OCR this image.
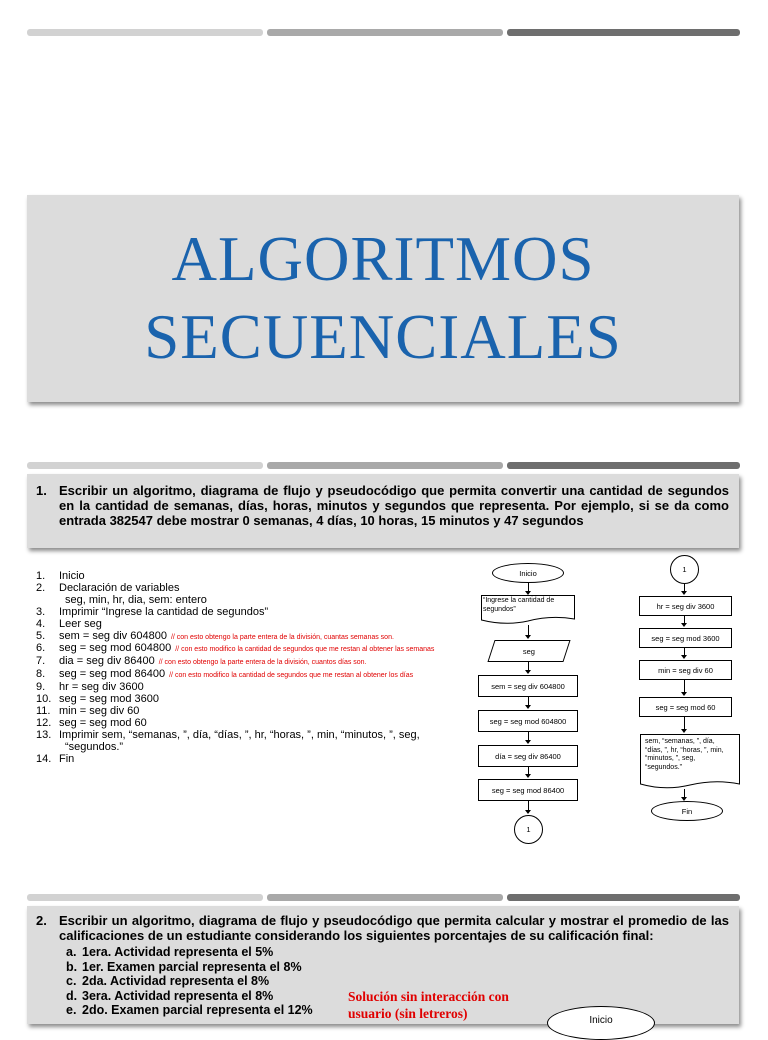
ALGORITMOS
SECUENCIALES
1. Escribir un algoritmo, diagrama de flujo y pseudocódigo que permita convertir una cantidad de segundos en la cantidad de semanas, días, horas, minutos y segundos que representa. Por ejemplo, si se da como entrada 382547 debe mostrar 0 semanas, 4 días, 10 horas, 15 minutos y 47 segundos
1. Inicio
2. Declaración de variables
seg, min, hr, dia, sem: entero
3. Imprimir “Ingrese la cantidad de segundos”
4. Leer seg
5. sem = seg div 604800 // con esto obtengo la parte entera de la división, cuantas semanas son.
6. seg = seg mod 604800 // con esto modifico la cantidad de segundos que me restan al obtener las semanas
7. dia = seg div 86400 // con esto obtengo la parte entera de la división, cuantos días son.
8. seg = seg mod 86400 // con esto modifico la cantidad de segundos que me restan al obtener los días
9. hr = seg div 3600
10. seg = seg mod 3600
11. min = seg div 60
12. seg = seg mod 60
13. Imprimir sem, “semanas, ”, día, “días, ”, hr, “horas, ”, min, “minutos, ”, seg,
“segundos.”
14. Fin
Inicio
“Ingrese la cantidad de segundos”
seg
sem = seg div 604800
seg = seg mod 604800
día = seg div 86400
seg = seg mod 86400
1
1
hr = seg div 3600
seg = seg mod 3600
min = seg div 60
seg = seg mod 60
sem, “semanas, ”, día, “días, ”, hr, “horas, ”, min, “minutos, ”, seg, “segundos.”
Fin
2. Escribir un algoritmo, diagrama de flujo y pseudocódigo que permita calcular y mostrar el promedio de las calificaciones de un estudiante considerando los siguientes porcentajes de su calificación final:
a. 1era. Actividad representa el 5%
b. 1er. Examen parcial representa el 8%
c. 2da. Actividad representa el 8%
d. 3era. Actividad representa el 8%
e. 2do. Examen parcial representa el 12%
Solución sin interacción con
usuario (sin letreros)	Inicio
